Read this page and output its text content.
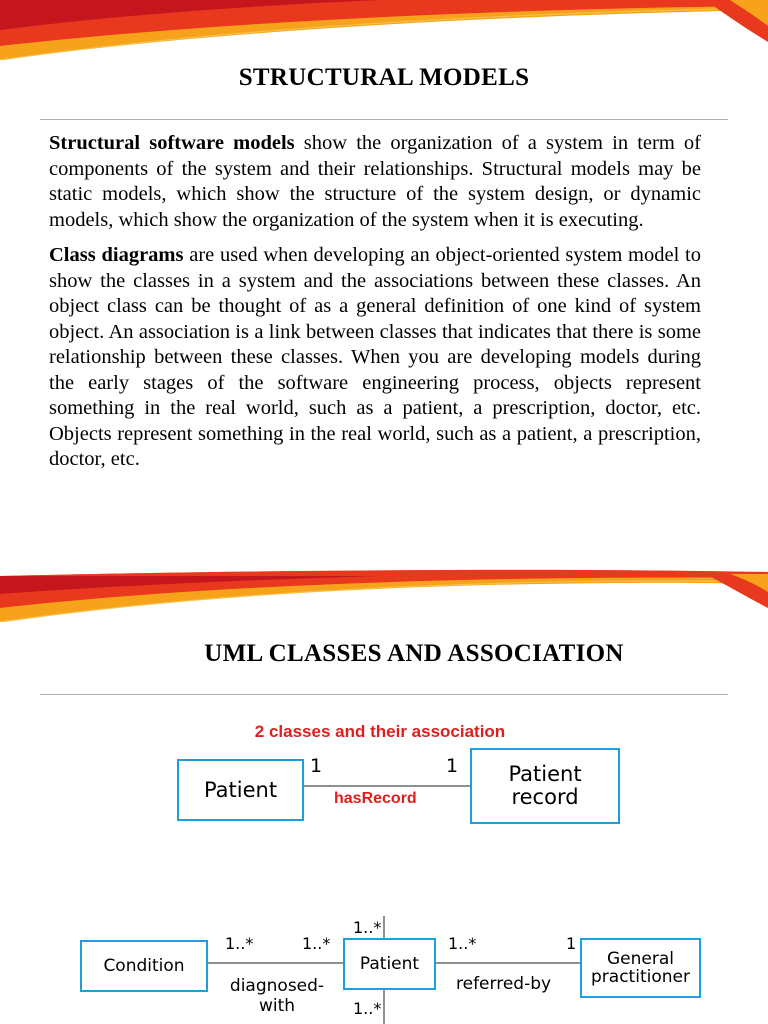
STRUCTURAL MODELS

Structural software models show the organization of a system in term of components of the system and their relationships. Structural models may be static models, which show the structure of the system design, or dynamic models, which show the organization of the system when it is executing.

Class diagrams are used when developing an object-oriented system model to show the classes in a system and the associations between these classes. An object class can be thought of as a general definition of one kind of system object. An association is a link between classes that indicates that there is some relationship between these classes. When you are developing models during the early stages of the software engineering process, objects represent something in the real world, such as a patient, a prescription, doctor, etc. Objects represent something in the real world, such as a patient, a prescription, doctor, etc.

UML CLASSES AND ASSOCIATION
2 classes and their association
Patient
Patient record
1	1
hasRecord
Condition	Patient	General practitioner
1..*	1..*
1..*
1..*	1
1..*
diagnosed-with
referred-by
